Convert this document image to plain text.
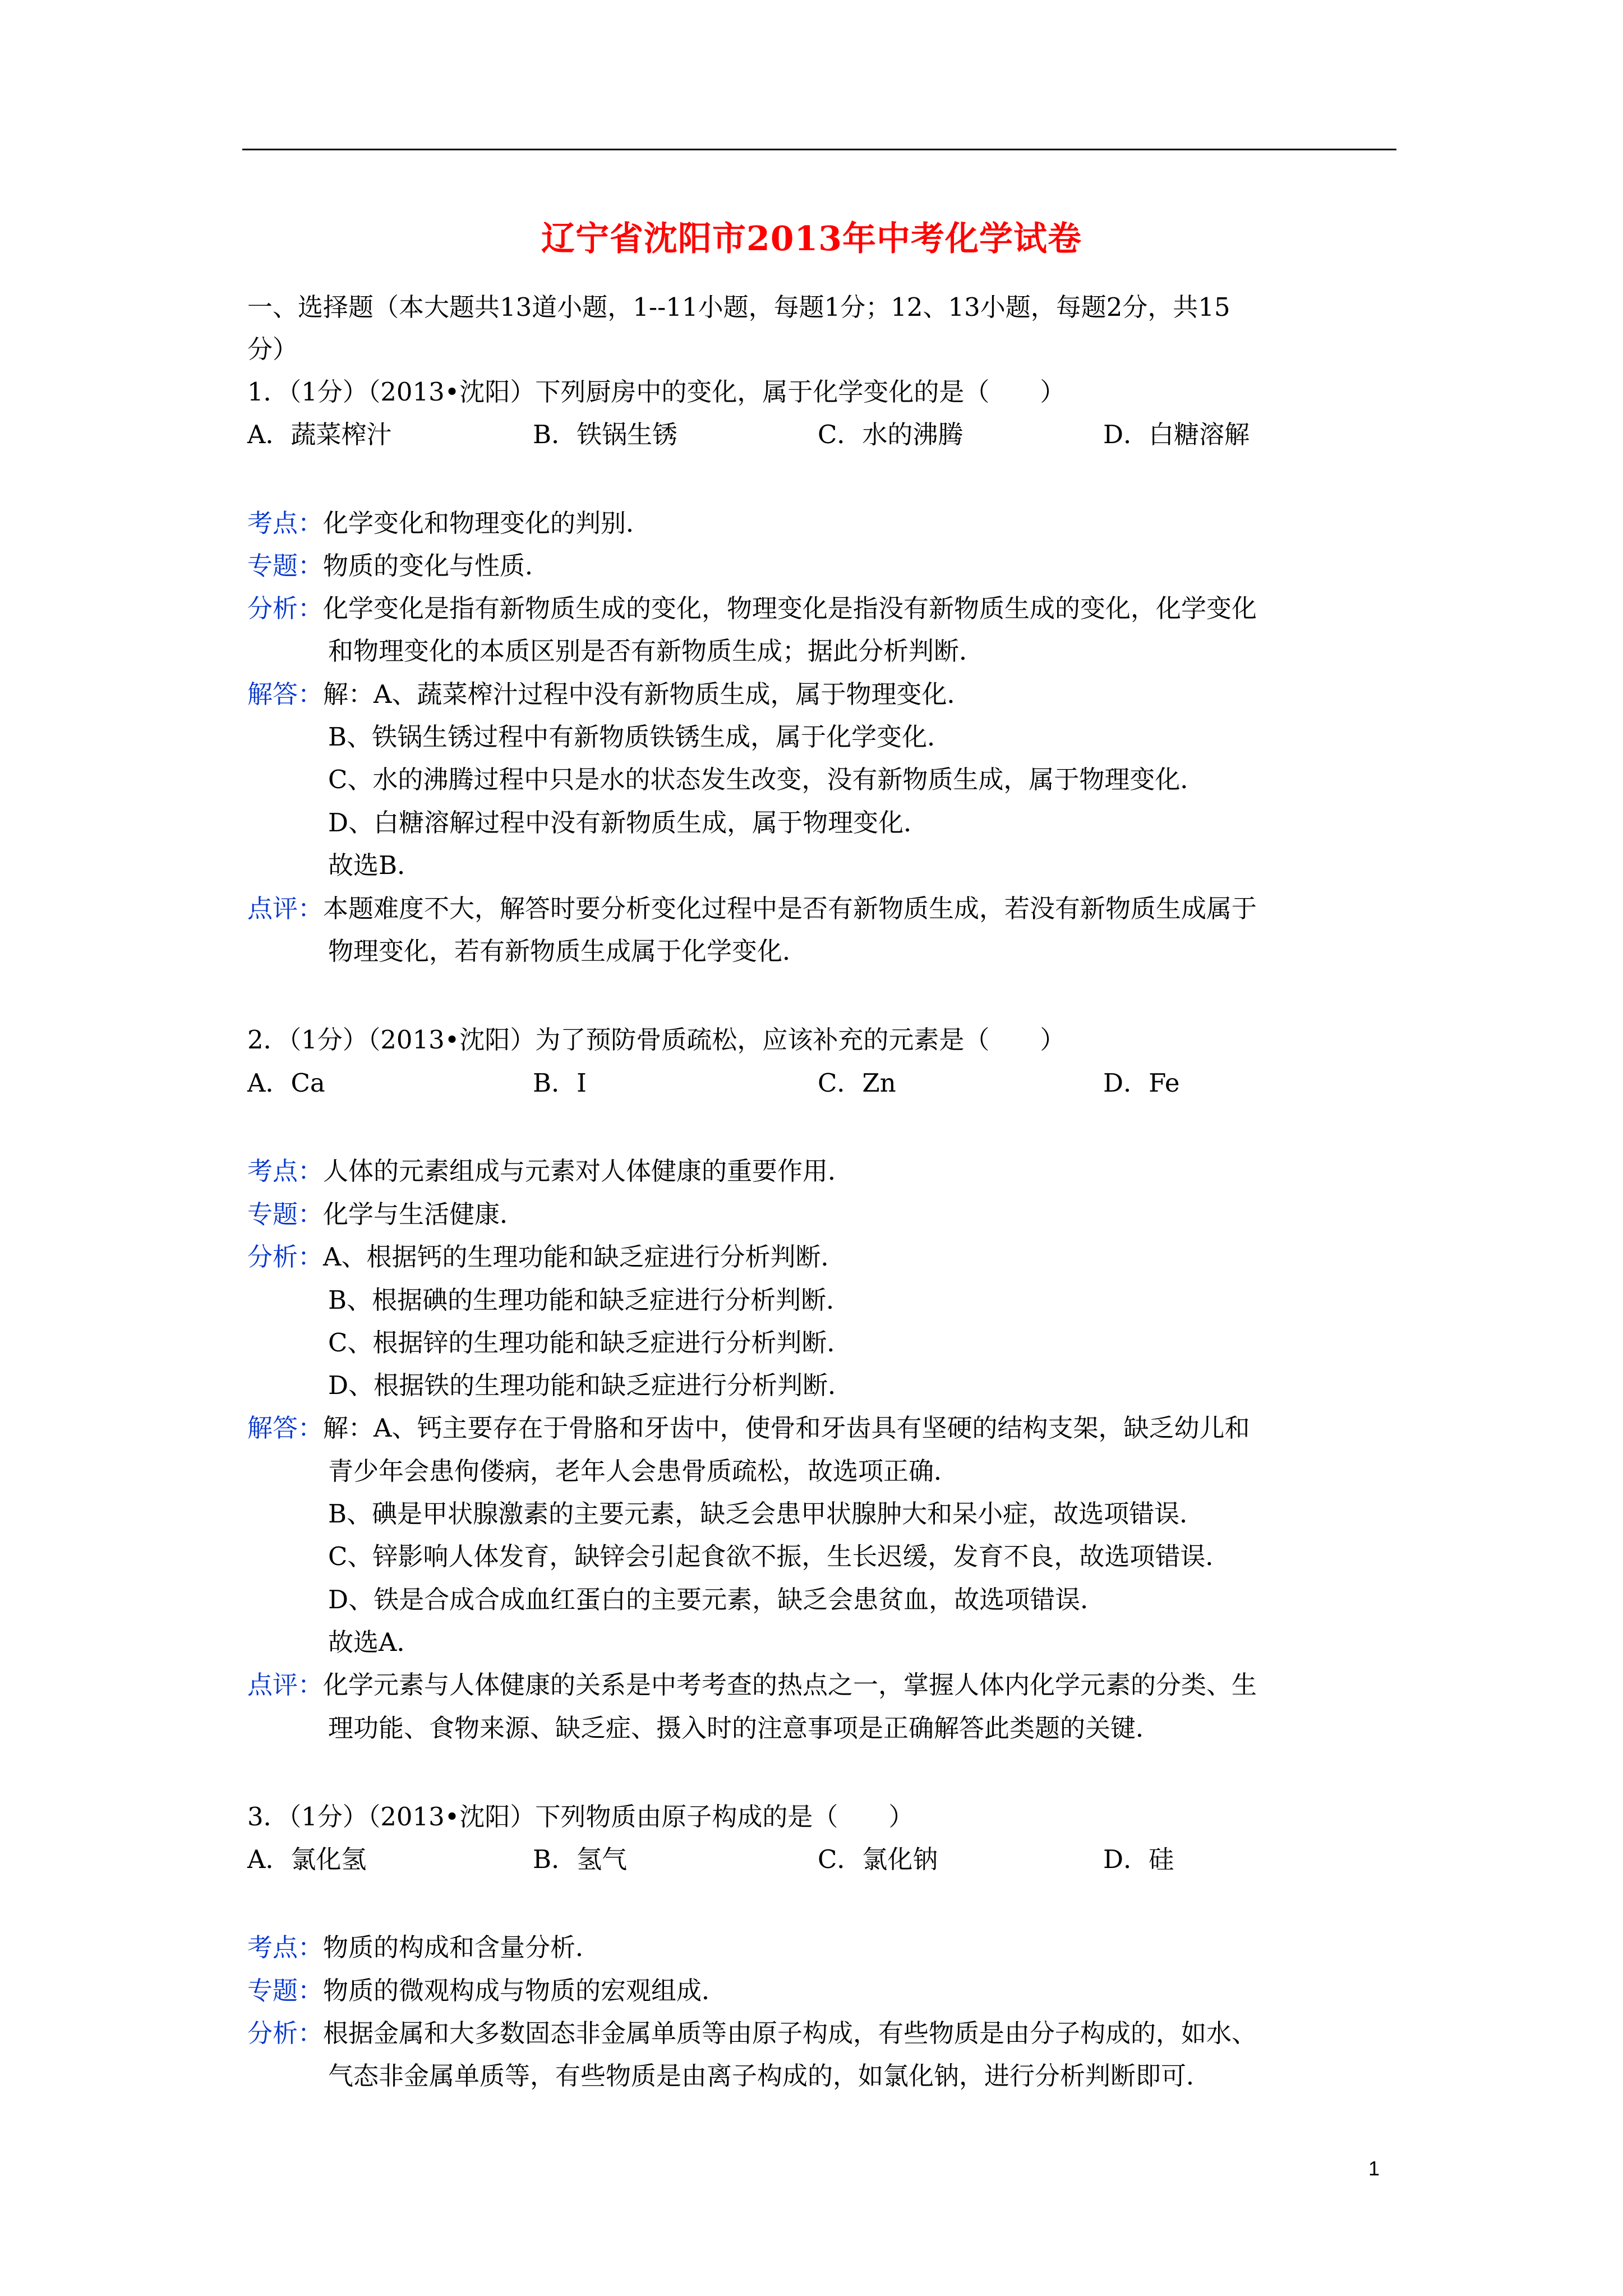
辽宁省沈阳市2013年中考化学试卷
一、选择题（本大题共13道小题，1--11小题，每题1分；12、13小题，每题2分，共15
分）
1．（1分）（2013•沈阳）下列厨房中的变化，属于化学变化的是（　　）
A．蔬菜榨汁	B．铁锅生锈	C．水的沸腾	D．白糖溶解
考点：化学变化和物理变化的判别．
专题：物质的变化与性质．
分析：化学变化是指有新物质生成的变化，物理变化是指没有新物质生成的变化，化学变化
和物理变化的本质区别是否有新物质生成；据此分析判断．
解答：解：A、蔬菜榨汁过程中没有新物质生成，属于物理变化．
B、铁锅生锈过程中有新物质铁锈生成，属于化学变化．
C、水的沸腾过程中只是水的状态发生改变，没有新物质生成，属于物理变化．
D、白糖溶解过程中没有新物质生成，属于物理变化．
故选B．
点评：本题难度不大，解答时要分析变化过程中是否有新物质生成，若没有新物质生成属于
物理变化，若有新物质生成属于化学变化．
2．（1分）（2013•沈阳）为了预防骨质疏松，应该补充的元素是（　　）
A．Ca	B．I	C．Zn	D．Fe
考点：人体的元素组成与元素对人体健康的重要作用．
专题：化学与生活健康．
分析：A、根据钙的生理功能和缺乏症进行分析判断．
B、根据碘的生理功能和缺乏症进行分析判断．
C、根据锌的生理功能和缺乏症进行分析判断．
D、根据铁的生理功能和缺乏症进行分析判断．
解答：解：A、钙主要存在于骨胳和牙齿中，使骨和牙齿具有坚硬的结构支架，缺乏幼儿和
青少年会患佝偻病，老年人会患骨质疏松，故选项正确．
B、碘是甲状腺激素的主要元素，缺乏会患甲状腺肿大和呆小症，故选项错误．
C、锌影响人体发育，缺锌会引起食欲不振，生长迟缓，发育不良，故选项错误．
D、铁是合成合成血红蛋白的主要元素，缺乏会患贫血，故选项错误．
故选A．
点评：化学元素与人体健康的关系是中考考查的热点之一，掌握人体内化学元素的分类、生
理功能、食物来源、缺乏症、摄入时的注意事项是正确解答此类题的关键．
3．（1分）（2013•沈阳）下列物质由原子构成的是（　　）
A．氯化氢	B．氢气	C．氯化钠	D．硅
考点：物质的构成和含量分析．
专题：物质的微观构成与物质的宏观组成．
分析：根据金属和大多数固态非金属单质等由原子构成，有些物质是由分子构成的，如水、
气态非金属单质等，有些物质是由离子构成的，如氯化钠，进行分析判断即可．
1
